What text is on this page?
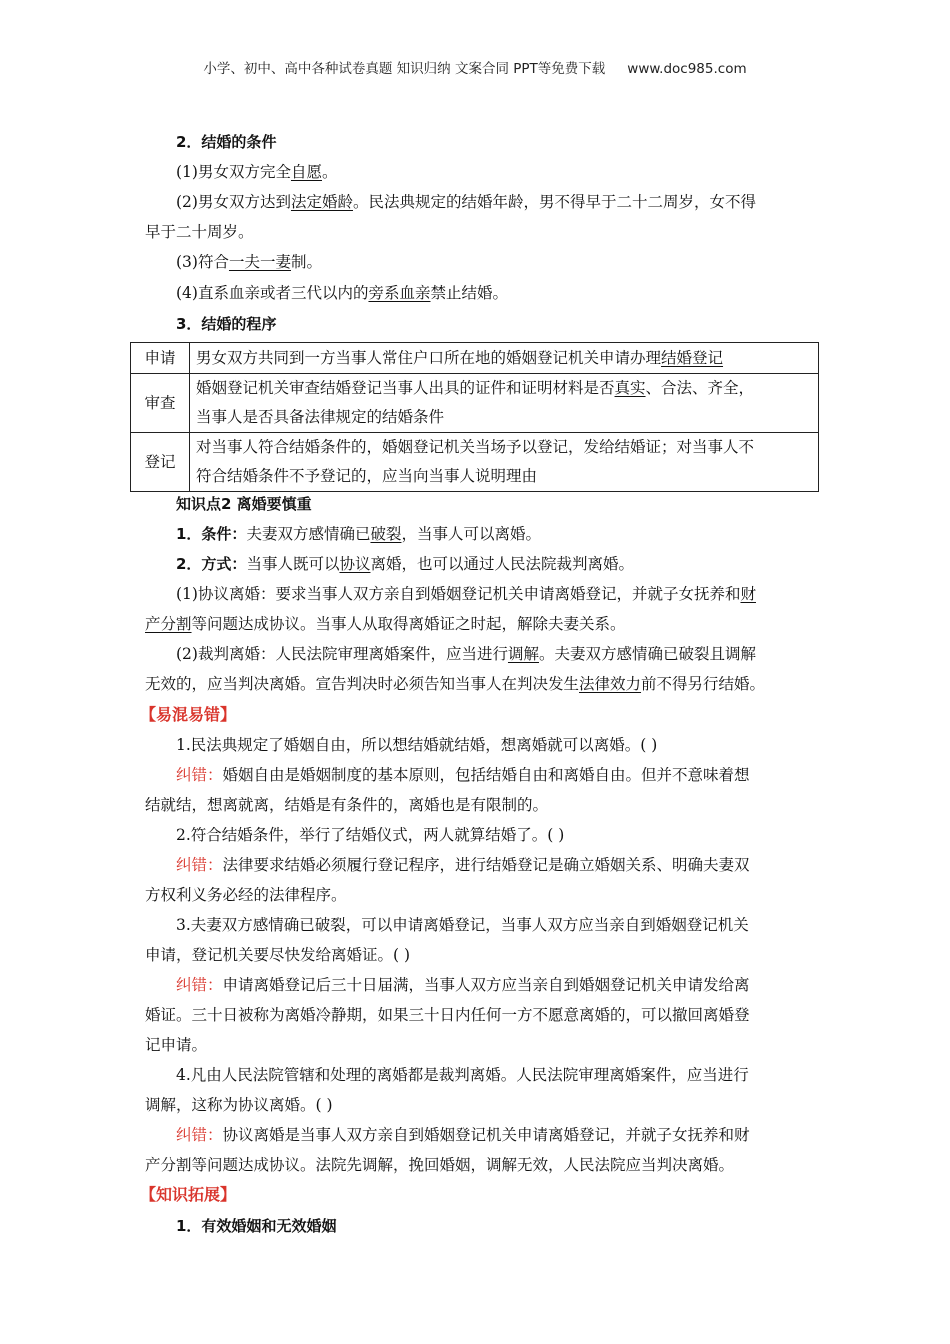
小学、初中、高中各种试卷真题 知识归纳 文案合同 PPT等免费下载 www.doc985.com
2．结婚的条件
(1)男女双方完全自愿。
(2)男女双方达到法定婚龄。民法典规定的结婚年龄，男不得早于二十二周岁，女不得
早于二十周岁。
(3)符合一夫一妻制。
(4)直系血亲或者三代以内的旁系血亲禁止结婚。
3．结婚的程序
知识点2 离婚要慎重
1．条件：夫妻双方感情确已破裂，当事人可以离婚。
2．方式：当事人既可以协议离婚，也可以通过人民法院裁判离婚。
(1)协议离婚：要求当事人双方亲自到婚姻登记机关申请离婚登记，并就子女抚养和财
产分割等问题达成协议。当事人从取得离婚证之时起，解除夫妻关系。
(2)裁判离婚：人民法院审理离婚案件，应当进行调解。夫妻双方感情确已破裂且调解
无效的，应当判决离婚。宣告判决时必须告知当事人在判决发生法律效力前不得另行结婚。
【易混易错】
1.民法典规定了婚姻自由，所以想结婚就结婚，想离婚就可以离婚。( )
纠错：婚姻自由是婚姻制度的基本原则，包括结婚自由和离婚自由。但并不意味着想
结就结，想离就离，结婚是有条件的，离婚也是有限制的。
2.符合结婚条件，举行了结婚仪式，两人就算结婚了。( )
纠错：法律要求结婚必须履行登记程序，进行结婚登记是确立婚姻关系、明确夫妻双
方权利义务必经的法律程序。
3.夫妻双方感情确已破裂，可以申请离婚登记，当事人双方应当亲自到婚姻登记机关
申请，登记机关要尽快发给离婚证。( )
纠错：申请离婚登记后三十日届满，当事人双方应当亲自到婚姻登记机关申请发给离
婚证。三十日被称为离婚冷静期，如果三十日内任何一方不愿意离婚的，可以撤回离婚登
记申请。
4.凡由人民法院管辖和处理的离婚都是裁判离婚。人民法院审理离婚案件，应当进行
调解，这称为协议离婚。( )
纠错：协议离婚是当事人双方亲自到婚姻登记机关申请离婚登记，并就子女抚养和财
产分割等问题达成协议。法院先调解，挽回婚姻，调解无效，人民法院应当判决离婚。
【知识拓展】
1．有效婚姻和无效婚姻
申请	男女双方共同到一方当事人常住户口所在地的婚姻登记机关申请办理结婚登记
审查	婚姻登记机关审查结婚登记当事人出具的证件和证明材料是否真实、合法、齐全，
当事人是否具备法律规定的结婚条件
登记	对当事人符合结婚条件的，婚姻登记机关当场予以登记，发给结婚证；对当事人不
符合结婚条件不予登记的，应当向当事人说明理由
